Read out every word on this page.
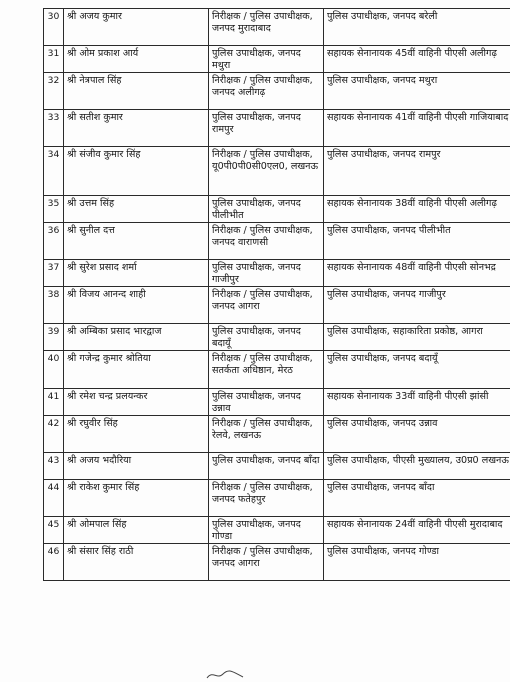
30	श्री अजय कुमार	निरीक्षक / पुलिस उपाधीक्षक, जनपद मुरादाबाद	पुलिस उपाधीक्षक, जनपद बरेली
31	श्री ओम प्रकाश आर्य	पुलिस उपाधीक्षक, जनपद मथुरा	सहायक सेनानायक 45वीं वाहिनी पीएसी अलीगढ़
32	श्री नेत्रपाल सिंह	निरीक्षक / पुलिस उपाधीक्षक, जनपद अलीगढ़	पुलिस उपाधीक्षक, जनपद मथुरा
33	श्री सतीश कुमार	पुलिस उपाधीक्षक, जनपद रामपुर	सहायक सेनानायक 41वीं वाहिनी पीएसी गाजियाबाद
34	श्री संजीव कुमार सिंह	निरीक्षक / पुलिस उपाधीक्षक, यू0पी0पी0सी0एल0, लखनऊ	पुलिस उपाधीक्षक, जनपद रामपुर
35	श्री उत्तम सिंह	पुलिस उपाधीक्षक, जनपद पीलीभीत	सहायक सेनानायक 38वीं वाहिनी पीएसी अलीगढ़
36	श्री सुनील दत्त	निरीक्षक / पुलिस उपाधीक्षक, जनपद वाराणसी	पुलिस उपाधीक्षक, जनपद पीलीभीत
37	श्री सुरेश प्रसाद शर्मा	पुलिस उपाधीक्षक, जनपद गाजीपुर	सहायक सेनानायक 48वीं वाहिनी पीएसी सोनभद्र
38	श्री विजय आनन्द शाही	निरीक्षक / पुलिस उपाधीक्षक, जनपद आगरा	पुलिस उपाधीक्षक, जनपद गाजीपुर
39	श्री अम्बिका प्रसाद भारद्वाज	पुलिस उपाधीक्षक, जनपद बदायूँ	पुलिस उपाधीक्षक, सहाकारिता प्रकोष्ठ, आगरा
40	श्री गजेन्द्र कुमार श्रोतिया	निरीक्षक / पुलिस उपाधीक्षक, सतर्कता अधिष्ठान, मेरठ	पुलिस उपाधीक्षक, जनपद बदायूँ
41	श्री रमेश चन्द्र प्रलयन्कर	पुलिस उपाधीक्षक, जनपद उन्नाव	सहायक सेनानायक 33वीं वाहिनी पीएसी झांसी
42	श्री रघुवीर सिंह	निरीक्षक / पुलिस उपाधीक्षक, रेलवे, लखनऊ	पुलिस उपाधीक्षक, जनपद उन्नाव
43	श्री अजय भदौरिया	पुलिस उपाधीक्षक, जनपद बाँदा	पुलिस उपाधीक्षक, पीएसी मुख्यालय, उ0प्र0 लखनऊ
44	श्री राकेश कुमार सिंह	निरीक्षक / पुलिस उपाधीक्षक, जनपद फतेहपुर	पुलिस उपाधीक्षक, जनपद बाँदा
45	श्री ओमपाल सिंह	पुलिस उपाधीक्षक, जनपद गोण्डा	सहायक सेनानायक 24वीं वाहिनी पीएसी मुरादाबाद
46	श्री संसार सिंह राठी	निरीक्षक / पुलिस उपाधीक्षक, जनपद आगरा	पुलिस उपाधीक्षक, जनपद गोण्डा
